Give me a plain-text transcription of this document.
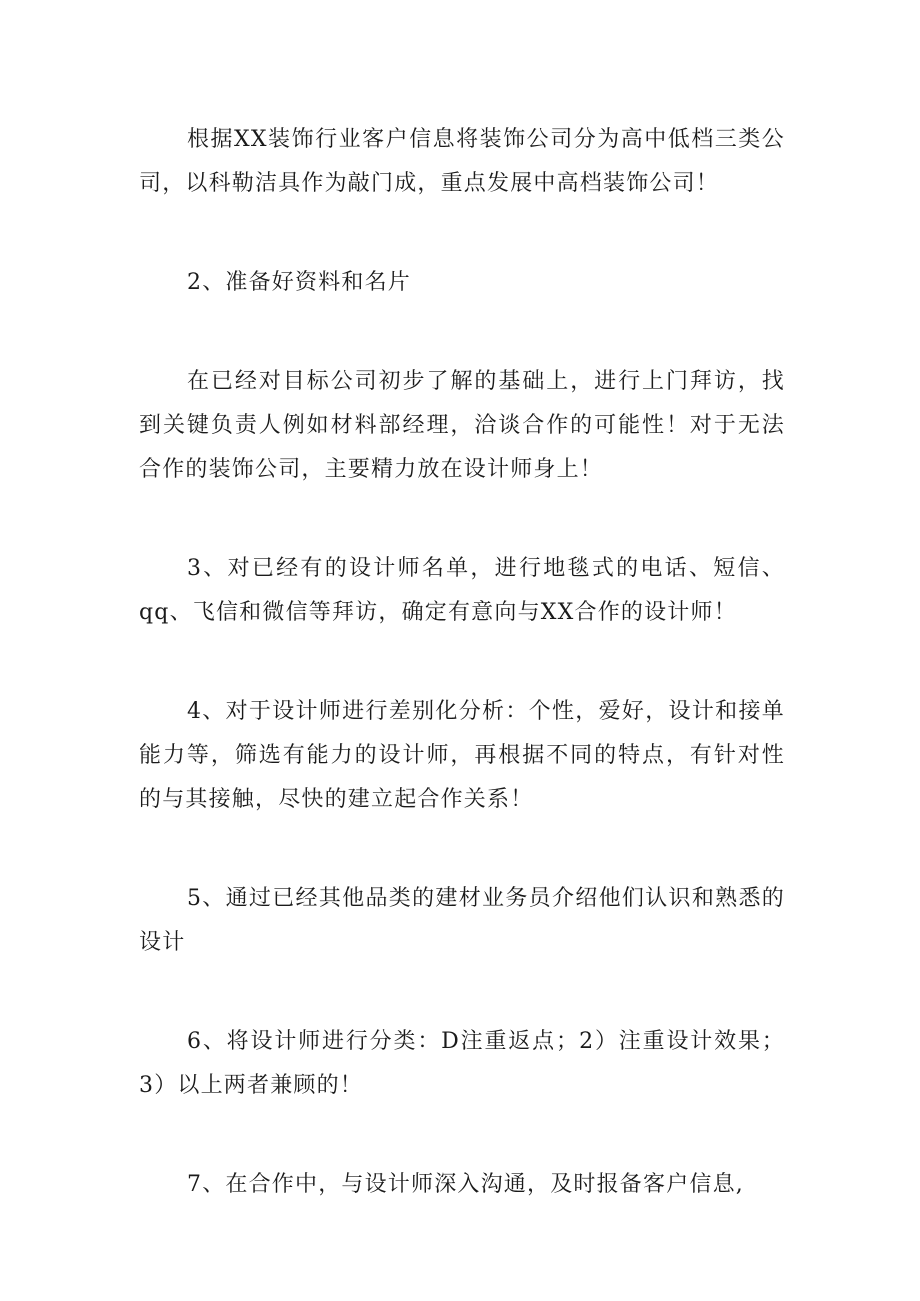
根据XX装饰行业客户信息将装饰公司分为高中低档三类公司，以科勒洁具作为敲门成，重点发展中高档装饰公司！

2、准备好资料和名片

在已经对目标公司初步了解的基础上，进行上门拜访，找到关键负责人例如材料部经理，洽谈合作的可能性！对于无法合作的装饰公司，主要精力放在设计师身上！

3、对已经有的设计师名单，进行地毯式的电话、短信、qq、飞信和微信等拜访，确定有意向与XX合作的设计师！

4、对于设计师进行差别化分析：个性，爱好，设计和接单能力等，筛选有能力的设计师，再根据不同的特点，有针对性的与其接触，尽快的建立起合作关系！

5、通过已经其他品类的建材业务员介绍他们认识和熟悉的设计

6、将设计师进行分类：D注重返点；2）注重设计效果；3）以上两者兼顾的！

7、在合作中，与设计师深入沟通，及时报备客户信息,
